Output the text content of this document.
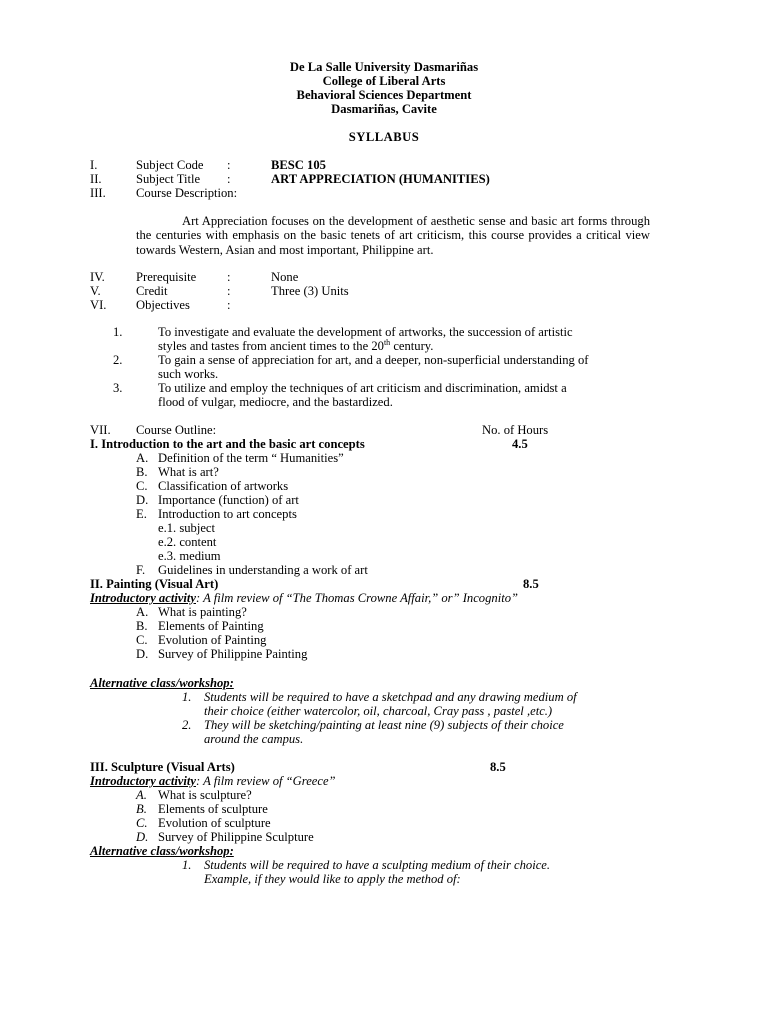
De La Salle University Dasmariñas
College of Liberal Arts
Behavioral Sciences Department
Dasmariñas, Cavite
SYLLABUS
I.	Subject Code :	BESC 105
II.	Subject Title :	ART APPRECIATION (HUMANITIES)
III. Course Description:

Art Appreciation focuses on the development of aesthetic sense and basic art forms through the centuries with emphasis on the basic tenets of art criticism, this course provides a critical view towards Western, Asian and most important, Philippine art.

IV. Prerequisite :	None
V.	Credit	:	Three (3) Units
VI. Objectives	:
1.	To investigate and evaluate the development of artworks, the succession of artistic
styles and tastes from ancient times to the 20th century.
2.	To gain a sense of appreciation for art, and a deeper, non-superficial understanding of
such works.
3.	To utilize and employ the techniques of art criticism and discrimination, amidst a
flood of vulgar, mediocre, and the bastardized.
VII. Course Outline:	No. of Hours
I. Introduction to the art and the basic art concepts	4.5
A. Definition of the term “ Humanities”
B. What is art?
C. Classification of artworks
D. Importance (function) of art
E. Introduction to art concepts
e.1. subject
e.2. content
e.3. medium
F. Guidelines in understanding a work of art
II. Painting (Visual Art)	8.5
Introductory activity: A film review of “The Thomas Crowne Affair,” or” Incognito”
A. What is painting?
B. Elements of Painting
C. Evolution of Painting
D. Survey of Philippine Painting
Alternative class/workshop:
1. Students will be required to have a sketchpad and any drawing medium of
their choice (either watercolor, oil, charcoal, Cray pass , pastel ,etc.)
2. They will be sketching/painting at least nine (9) subjects of their choice
around the campus.
III. Sculpture (Visual Arts)	8.5
Introductory activity: A film review of “Greece”
A. What is sculpture?
B. Elements of sculpture
C. Evolution of sculpture
D. Survey of Philippine Sculpture
Alternative class/workshop:
1. Students will be required to have a sculpting medium of their choice.
Example, if they would like to apply the method of:
